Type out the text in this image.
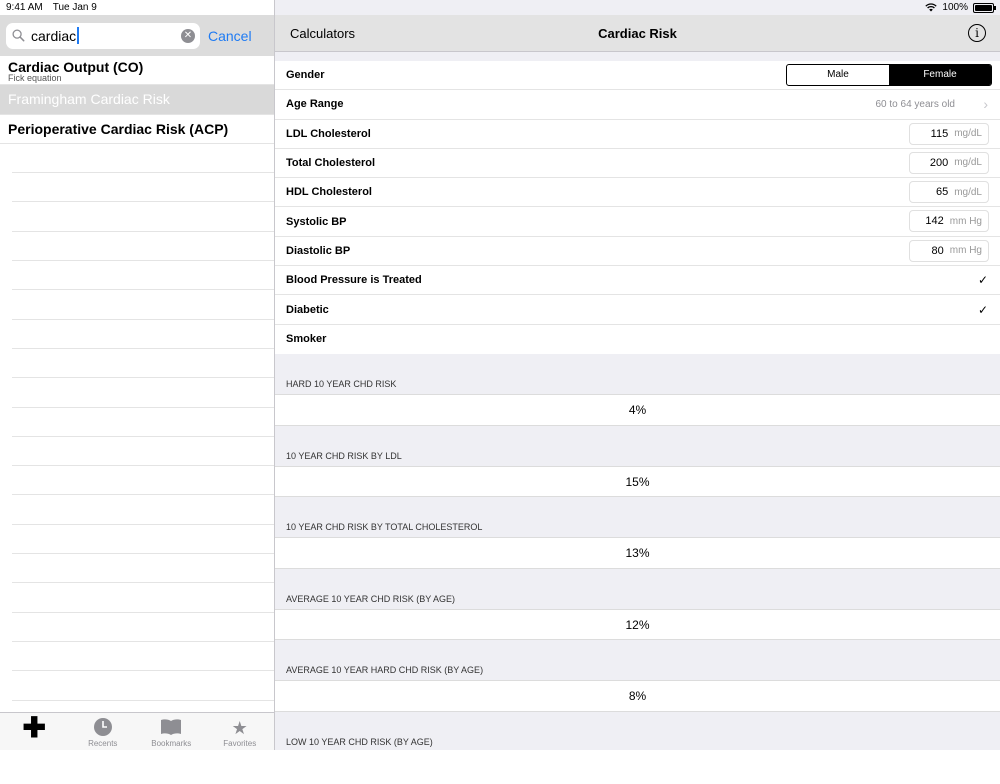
cardiac	✕ Cancel
Cardiac Output (CO)
Fick equation
Framingham Cardiac Risk
Perioperative Cardiac Risk (ACP)
✚
Recents	Bookmarks
★
Favorites
Calculators	Cardiac Risk	i
Gender	Male	Female
Age Range	60 to 64 years old ›
LDL Cholesterol	115 mg/dL
Total Cholesterol	200 mg/dL
HDL Cholesterol	65 mg/dL
Systolic BP	142 mm Hg
Diastolic BP	80 mm Hg
Blood Pressure is Treated	✓
Diabetic	✓
Smoker
HARD 10 YEAR CHD RISK
4%
10 YEAR CHD RISK BY LDL
15%
10 YEAR CHD RISK BY TOTAL CHOLESTEROL
13%
AVERAGE 10 YEAR CHD RISK (BY AGE)
12%
AVERAGE 10 YEAR HARD CHD RISK (BY AGE)
8%
LOW 10 YEAR CHD RISK (BY AGE)
9:41 AM Tue Jan 9	100%
